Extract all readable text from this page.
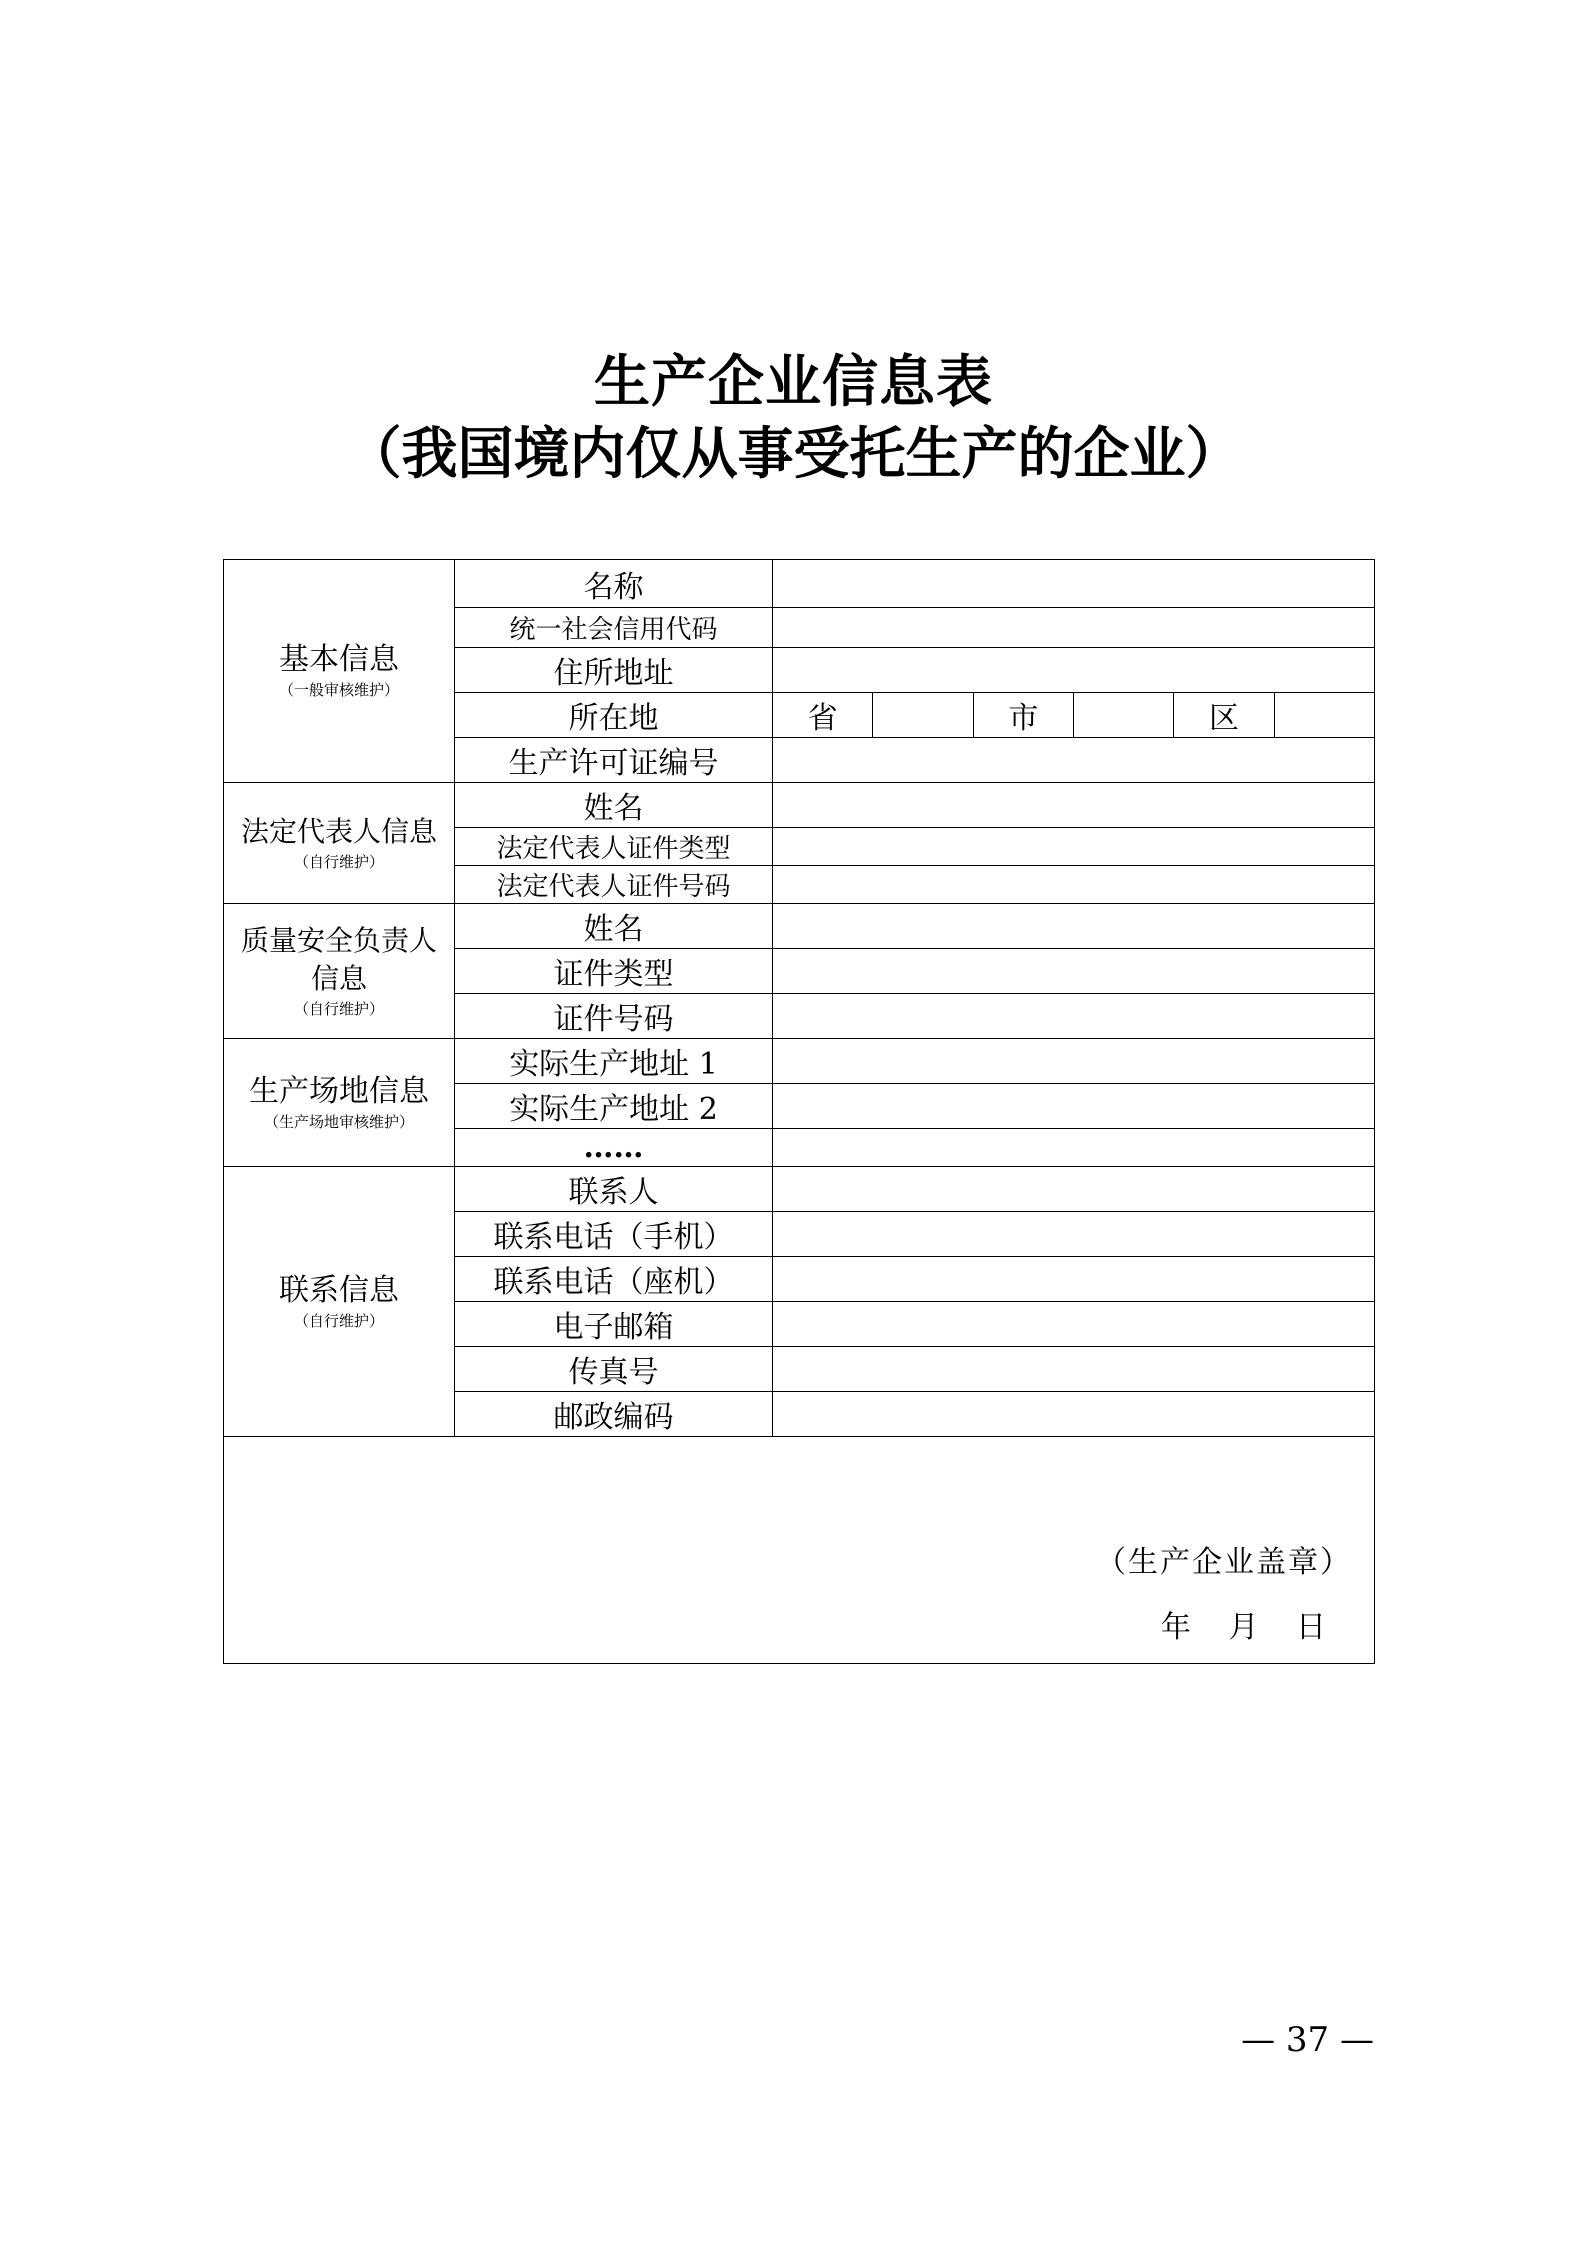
生产企业信息表
（我国境内仅从事受托生产的企业）
基本信息
（一般审核维护）	名称	
	统一社会信用代码	
	住所地址	
	所在地	省 市 区

	生产许可证编号	

法定代表人信息
（自行维护）	姓名	
	法定代表人证件类型	
	法定代表人证件号码	

质量安全负责人
信息
（自行维护）	姓名	
	证件类型	
	证件号码	

生产场地信息
（生产场地审核维护）	实际生产地址 1	
	实际生产地址 2	
	……	

联系信息
（自行维护）	联系人	
	联系电话（手机）	
	联系电话（座机）	
	电子邮箱	
	传真号	
	邮政编码	

（生产企业盖章）
年 月 日		
— 37 —
